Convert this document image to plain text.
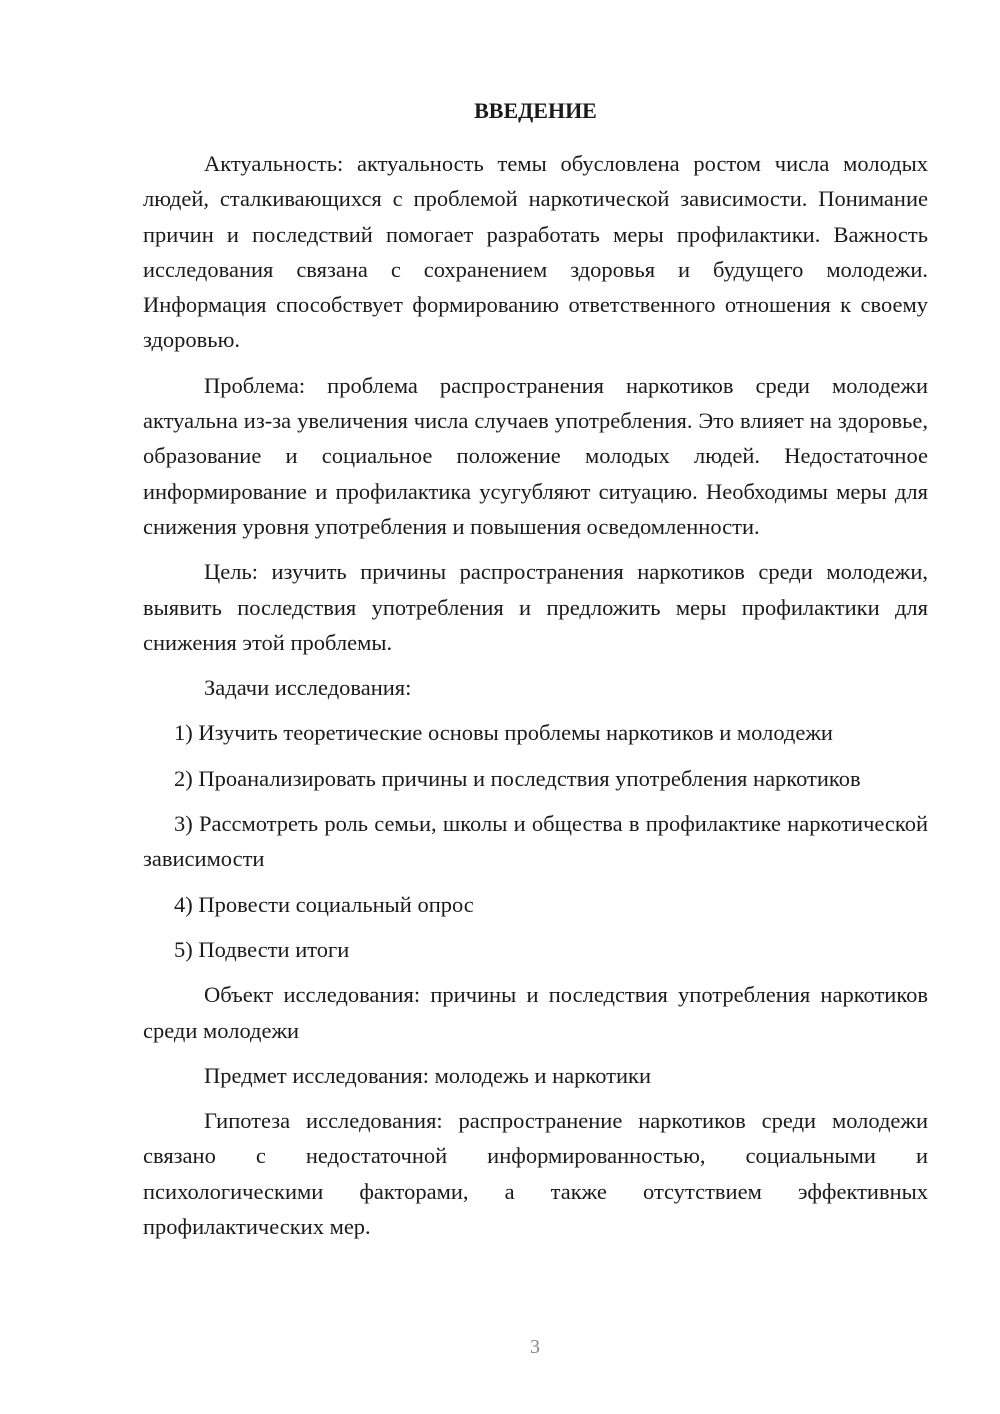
ВВЕДЕНИЕ

Актуальность: актуальность темы обусловлена ростом числа молодых людей, сталкивающихся с проблемой наркотической зависимости. Понимание причин и последствий помогает разработать меры профилактики. Важность исследования связана с сохранением здоровья и будущего молодежи. Информация способствует формированию ответственного отношения к своему здоровью.

Проблема: проблема распространения наркотиков среди молодежи актуальна из-за увеличения числа случаев употребления. Это влияет на здоровье, образование и социальное положение молодых людей. Недостаточное информирование и профилактика усугубляют ситуацию. Необходимы меры для снижения уровня употребления и повышения осведомленности.

Цель: изучить причины распространения наркотиков среди молодежи, выявить последствия употребления и предложить меры профилактики для снижения этой проблемы.

Задачи исследования:

1) Изучить теоретические основы проблемы наркотиков и молодежи

2) Проанализировать причины и последствия употребления наркотиков

3) Рассмотреть роль семьи, школы и общества в профилактике наркотической зависимости

4) Провести социальный опрос

5) Подвести итоги

Объект исследования: причины и последствия употребления наркотиков среди молодежи

Предмет исследования: молодежь и наркотики

Гипотеза исследования: распространение наркотиков среди молодежи связано с недостаточной информированностью, социальными и психологическими факторами, а также отсутствием эффективных профилактических мер.

3
